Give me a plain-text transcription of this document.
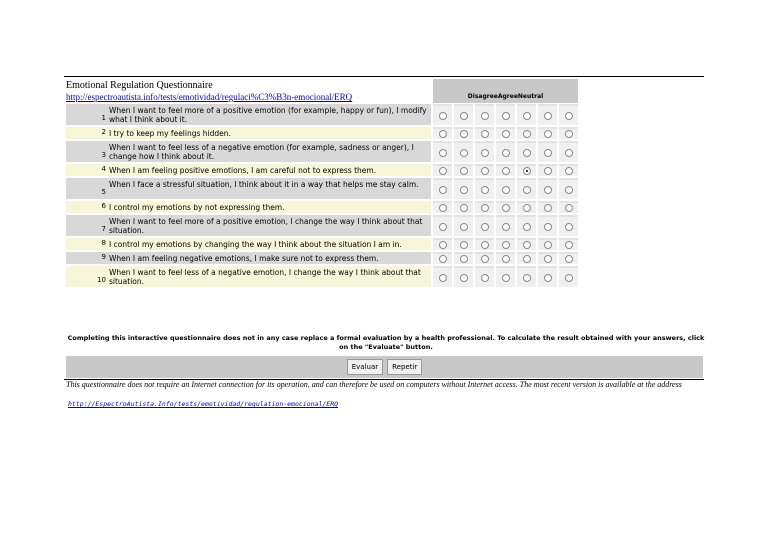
Emotional Regulation Questionnaire
http://espectroautista.info/tests/emotividad/regulaci%C3%B3n-emocional/ERQ	DisagreeAgreeNeutral
1
When I want to feel more of a positive emotion (for example, happy or fun), I modify what I think about it.
2 I try to keep my feelings hidden.
3
When I want to feel less of a negative emotion (for example, sadness or anger), I change how I think about it.
4 When I am feeling positive emotions, I am careful not to express them.
5
When I face a stressful situation, I think about it in a way that helps me stay calm.
6 I control my emotions by not expressing them.
7
When I want to feel more of a positive emotion, I change the way I think about that situation.
8 I control my emotions by changing the way I think about the situation I am in.
9 When I am feeling negative emotions, I make sure not to express them.
10
When I want to feel less of a negative emotion, I change the way I think about that situation.
Completing this interactive questionnaire does not in any case replace a formal evaluation by a health professional. To calculate the result obtained with your answers, click on the "Evaluate" button.
Evaluar	Repetir
This questionnaire does not require an Internet connection for its operation, and can therefore be used on computers without Internet access. The most recent version is available at the address
http://EspectroAutista.Info/tests/emotividad/regulation-emocional/ERQ
